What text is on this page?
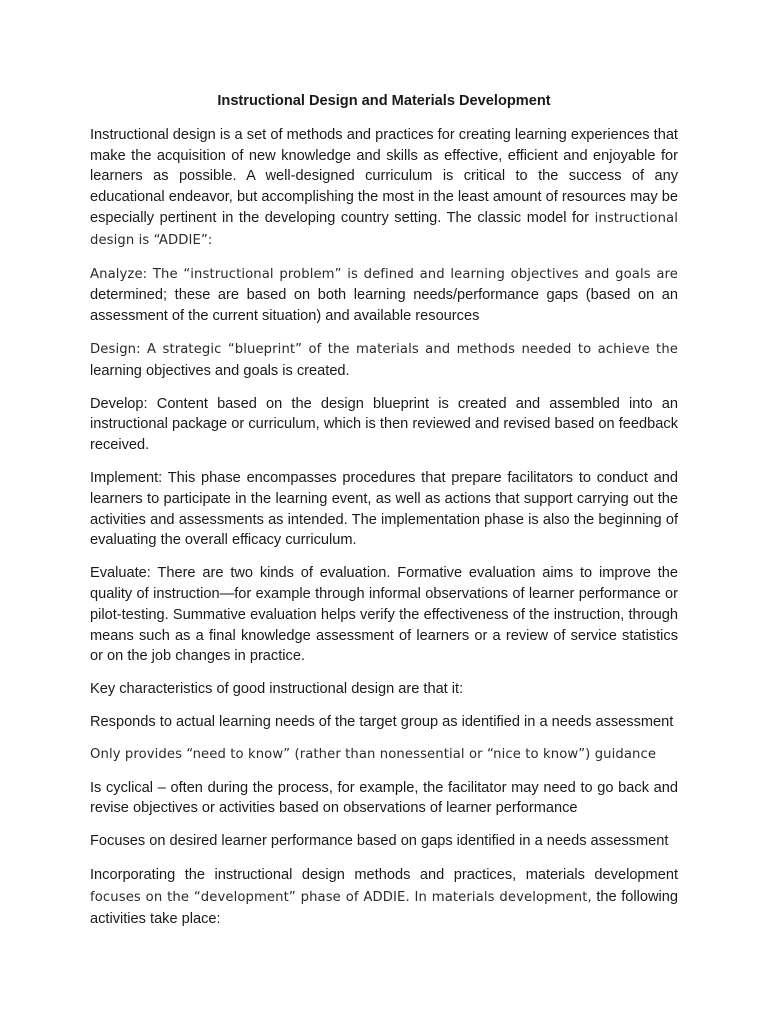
Instructional Design and Materials Development

Instructional design is a set of methods and practices for creating learning experiences that make the acquisition of new knowledge and skills as effective, efficient and enjoyable for learners as possible. A well-designed curriculum is critical to the success of any educational endeavor, but accomplishing the most in the least amount of resources may be especially pertinent in the developing country setting. The classic model for instructional design is “ADDIE”:

Analyze: The “instructional problem” is defined and learning objectives and goals are determined; these are based on both learning needs/performance gaps (based on an assessment of the current situation) and available resources

Design: A strategic “blueprint” of the materials and methods needed to achieve the learning objectives and goals is created.

Develop: Content based on the design blueprint is created and assembled into an instructional package or curriculum, which is then reviewed and revised based on feedback received.

Implement: This phase encompasses procedures that prepare facilitators to conduct and learners to participate in the learning event, as well as actions that support carrying out the activities and assessments as intended. The implementation phase is also the beginning of evaluating the overall efficacy curriculum.

Evaluate: There are two kinds of evaluation. Formative evaluation aims to improve the quality of instruction—for example through informal observations of learner performance or pilot-testing. Summative evaluation helps verify the effectiveness of the instruction, through means such as a final knowledge assessment of learners or a review of service statistics or on the job changes in practice.

Key characteristics of good instructional design are that it:

Responds to actual learning needs of the target group as identified in a needs assessment

Only provides “need to know” (rather than nonessential or “nice to know”) guidance

Is cyclical – often during the process, for example, the facilitator may need to go back and revise objectives or activities based on observations of learner performance

Focuses on desired learner performance based on gaps identified in a needs assessment

Incorporating the instructional design methods and practices, materials development focuses on the “development” phase of ADDIE. In materials development, the following activities take place:
